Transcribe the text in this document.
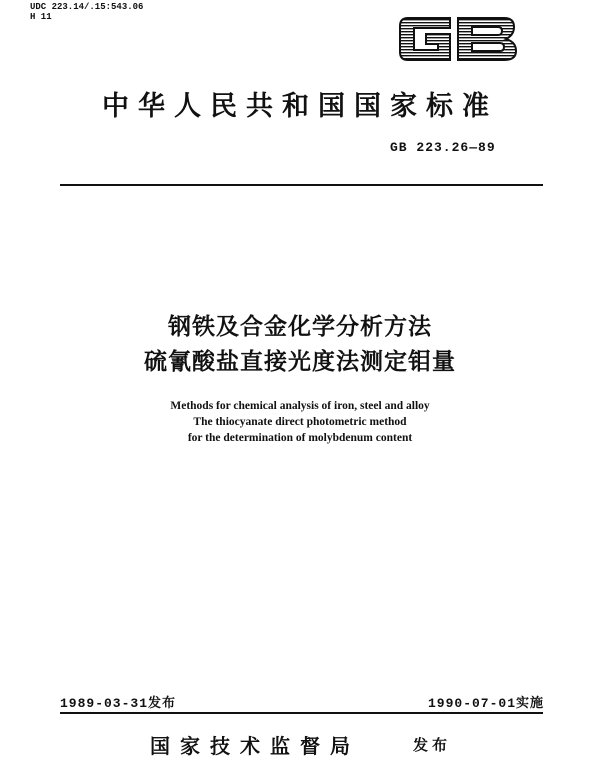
UDC 223.14/.15:543.06
H 11
中华人民共和国国家标准
GB 223.26—89
钢铁及合金化学分析方法
硫氰酸盐直接光度法测定钼量
Methods for chemical analysis of iron, steel and alloy
The thiocyanate direct photometric method
for the determination of molybdenum content
1989-03-31发布	1990-07-01实施
国家技术监督局	发布
